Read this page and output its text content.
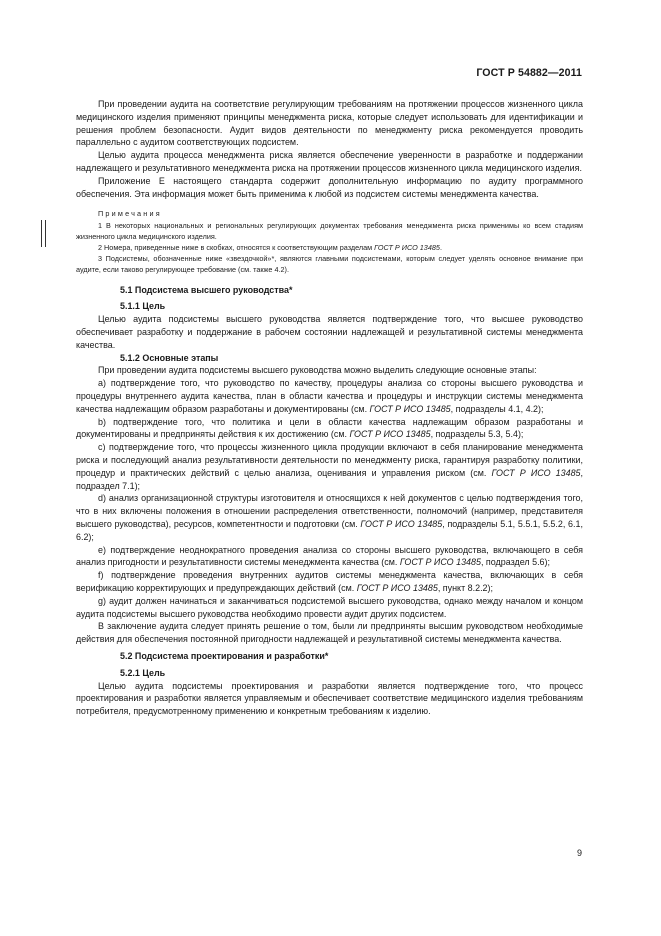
ГОСТ Р 54882—2011

При проведении аудита на соответствие регулирующим требованиям на протяжении процессов жизненного цикла медицинского изделия применяют принципы менеджмента риска, которые следует использовать для идентификации и решения проблем безопасности. Аудит видов деятельности по менеджменту риска рекомендуется проводить параллельно с аудитом соответствующих подсистем.

Целью аудита процесса менеджмента риска является обеспечение уверенности в разработке и поддержании надлежащего и результативного менеджмента риска на протяжении процессов жизненного цикла медицинского изделия.

Приложение Е настоящего стандарта содержит дополнительную информацию по аудиту программного обеспечения. Эта информация может быть применима к любой из подсистем системы менеджмента качества.

Примечания

1 В некоторых национальных и региональных регулирующих документах требования менеджмента риска применимы ко всем стадиям жизненного цикла медицинского изделия.

2 Номера, приведенные ниже в скобках, относятся к соответствующим разделам ГОСТ Р ИСО 13485.

3 Подсистемы, обозначенные ниже «звездочкой»*, являются главными подсистемами, которым следует уделять основное внимание при аудите, если таково регулирующее требование (см. также 4.2).

5.1 Подсистема высшего руководства*

5.1.1 Цель

Целью аудита подсистемы высшего руководства является подтверждение того, что высшее руководство обеспечивает разработку и поддержание в рабочем состоянии надлежащей и результативной системы менеджмента качества.

5.1.2 Основные этапы

При проведении аудита подсистемы высшего руководства можно выделить следующие основные этапы:

а) подтверждение того, что руководство по качеству, процедуры анализа со стороны высшего руководства и процедуры внутреннего аудита качества, план в области качества и процедуры и инструкции системы менеджмента качества надлежащим образом разработаны и документированы (см. ГОСТ Р ИСО 13485, подразделы 4.1, 4.2);

b) подтверждение того, что политика и цели в области качества надлежащим образом разработаны и документированы и предприняты действия к их достижению (см. ГОСТ Р ИСО 13485, подразделы 5.3, 5.4);

c) подтверждение того, что процессы жизненного цикла продукции включают в себя планирование менеджмента риска и последующий анализ результативности деятельности по менеджменту риска, гарантируя разработку политики, процедур и практических действий с целью анализа, оценивания и управления риском (см. ГОСТ Р ИСО 13485, подраздел 7.1);

d) анализ организационной структуры изготовителя и относящихся к ней документов с целью подтверждения того, что в них включены положения в отношении распределения ответственности, полномочий (например, представителя высшего руководства), ресурсов, компетентности и подготовки (см. ГОСТ Р ИСО 13485, подразделы 5.1, 5.5.1, 5.5.2, 6.1, 6.2);

e) подтверждение неоднократного проведения анализа со стороны высшего руководства, включающего в себя анализ пригодности и результативности системы менеджмента качества (см. ГОСТ Р ИСО 13485, подраздел 5.6);

f) подтверждение проведения внутренних аудитов системы менеджмента качества, включающих в себя верификацию корректирующих и предупреждающих действий (см. ГОСТ Р ИСО 13485, пункт 8.2.2);

g) аудит должен начинаться и заканчиваться подсистемой высшего руководства, однако между началом и концом аудита подсистемы высшего руководства необходимо провести аудит других подсистем.

В заключение аудита следует принять решение о том, были ли предприняты высшим руководством необходимые действия для обеспечения постоянной пригодности надлежащей и результативной системы менеджмента качества.

5.2 Подсистема проектирования и разработки*

5.2.1 Цель

Целью аудита подсистемы проектирования и разработки является подтверждение того, что процесс проектирования и разработки является управляемым и обеспечивает соответствие медицинского изделия требованиям потребителя, предусмотренному применению и конкретным требованиям к изделию.

9
